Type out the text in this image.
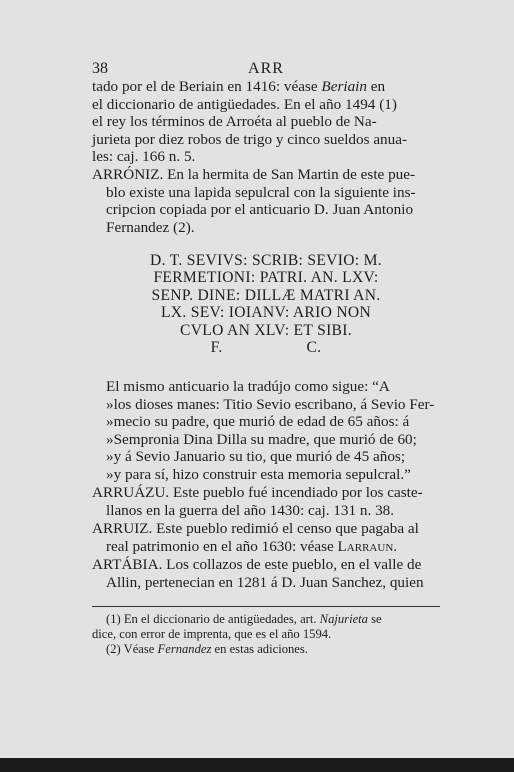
38	ARR
tado por el de Beriain en 1416: véase Beriain en
el diccionario de antigüedades. En el año 1494 (1)
el rey los términos de Arroéta al pueblo de Na-
jurieta por diez robos de trigo y cinco sueldos anua-
les: caj. 166 n. 5.
ARRÓNIZ. En la hermita de San Martin de este pue-
blo existe una lapida sepulcral con la siguiente ins-
cripcion copiada por el anticuario D. Juan Antonio
Fernandez (2).
D. T. SEVIVS: SCRIB: SEVIO: M.
FERMETIONI: PATRI. AN. LXV:
SENP. DINE: DILLÆ MATRI AN.
LX. SEV: IOIANV: ARIO NON
CVLO AN XLV: ET SIBI.
F.                    C.
El mismo anticuario la tradújo como sigue: “A
»los dioses manes: Titio Sevio escribano, á Sevio Fer-
»mecio su padre, que murió de edad de 65 años: á
»Sempronia Dina Dilla su madre, que murió de 60;
»y á Sevio Januario su tio, que murió de 45 años;
»y para sí, hizo construir esta memoria sepulcral.”
ARRUÁZU. Este pueblo fué incendiado por los caste-
llanos en la guerra del año 1430: caj. 131 n. 38.
ARRUIZ. Este pueblo redimió el censo que pagaba al
real patrimonio en el año 1630: véase Larraun.
ARTÁBIA. Los collazos de este pueblo, en el valle de
Allin, pertenecian en 1281 á D. Juan Sanchez, quien
(1) En el diccionario de antigüedades, art. Najurieta se
dice, con error de imprenta, que es el año 1594.
(2) Véase Fernandez en estas adiciones.
